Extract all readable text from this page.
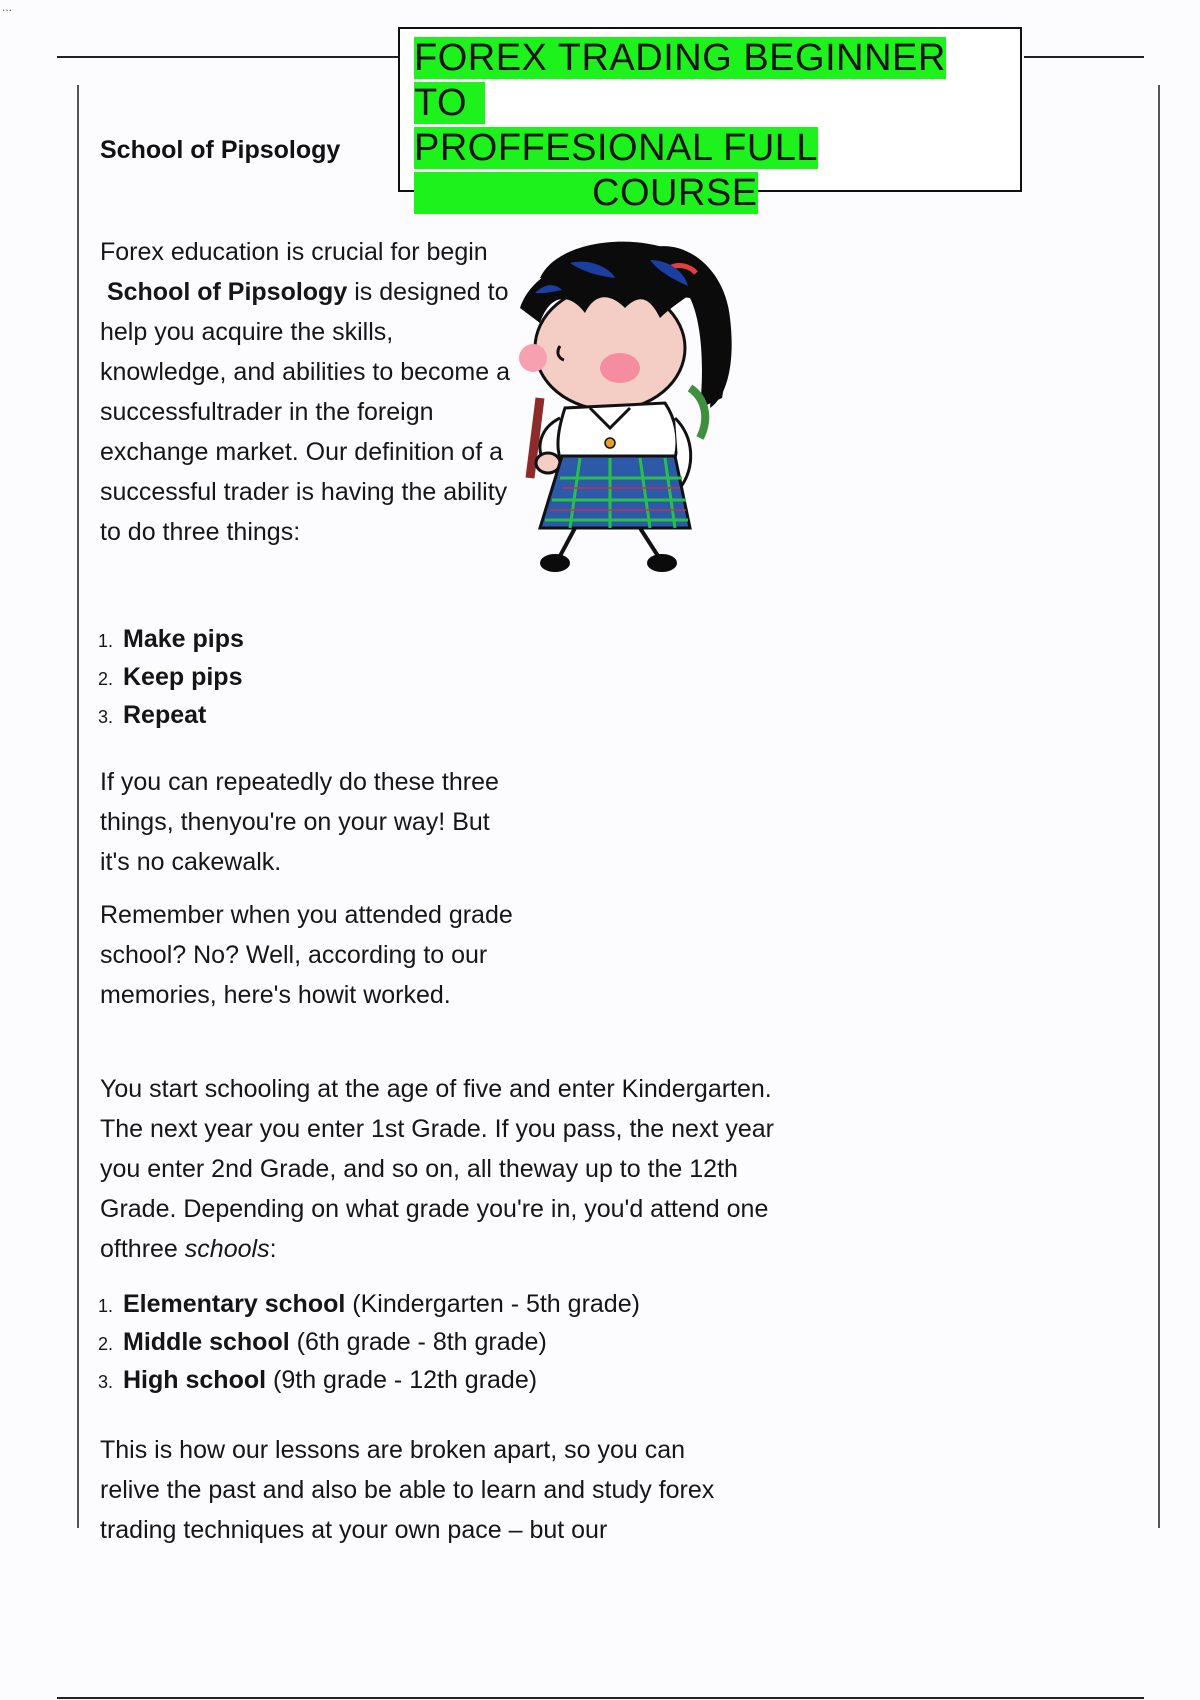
...
FOREX TRADING BEGINNER TO
PROFFESIONAL FULL
COURSE
School of Pipsology
Forex education is crucial for begin
School of Pipsology is designed to help you acquire the skills, knowledge, and abilities to become a successfultrader in the foreign exchange market. Our definition of a successful trader is having the ability to do three things:
1. Make pips
2. Keep pips
3. Repeat
If you can repeatedly do these three things, thenyou're on your way! But it's no cakewalk.
Remember when you attended grade school? No? Well, according to our memories, here's howit worked.
You start schooling at the age of five and enter Kindergarten. The next year you enter 1st Grade. If you pass, the next year you enter 2nd Grade, and so on, all theway up to the 12th Grade. Depending on what grade you're in, you'd attend one ofthree schools:
1. Elementary school (Kindergarten - 5th grade)
2. Middle school (6th grade - 8th grade)
3. High school (9th grade - 12th grade)
This is how our lessons are broken apart, so you can relive the past and also be able to learn and study forex trading techniques at your own pace – but our
